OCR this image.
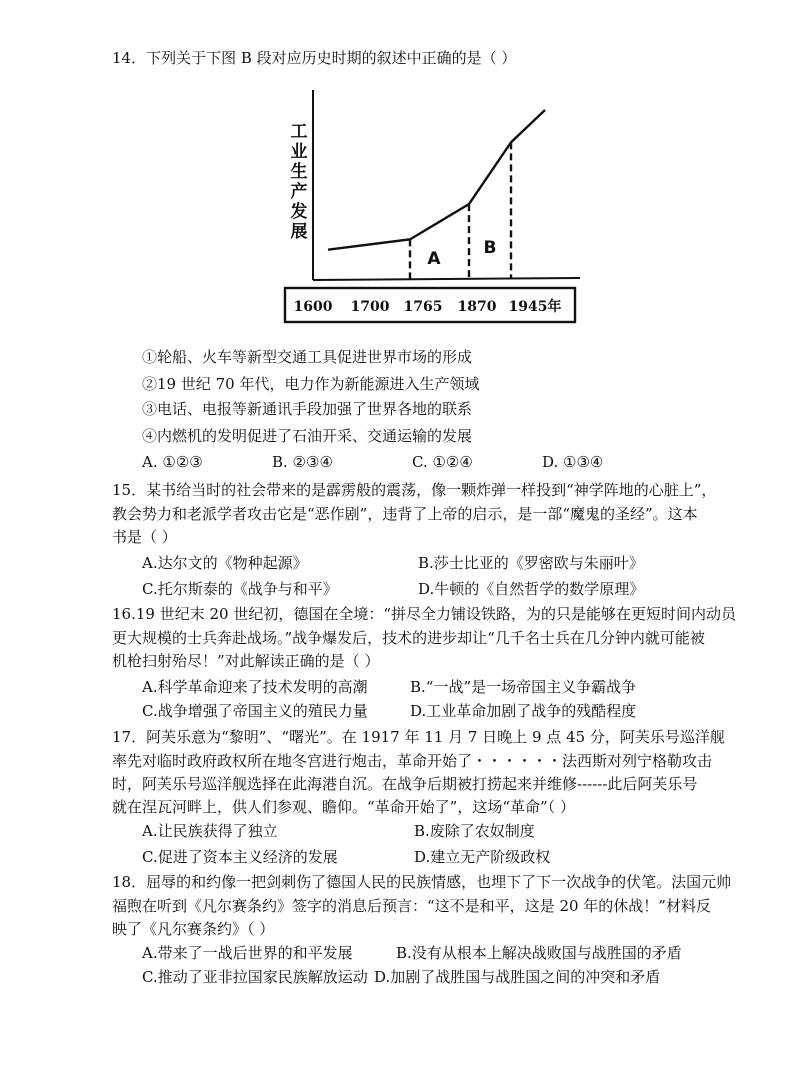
14．下列关于下图 B 段对应历史时期的叙述中正确的是（ ）
A
B
1600 1700 1765 1870 1945年
工
业
生
产
发
展
①轮船、火车等新型交通工具促进世界市场的形成
②19 世纪 70 年代，电力作为新能源进入生产领域
③电话、电报等新通讯手段加强了世界各地的联系
④内燃机的发明促进了石油开采、交通运输的发展
A. ①②③	B. ②③④	C. ①②④	D. ①③④
15．某书给当时的社会带来的是霹雳般的震荡，像一颗炸弹一样投到“神学阵地的心脏上”，
教会势力和老派学者攻击它是“恶作剧”，违背了上帝的启示，是一部“魔鬼的圣经”。这本
书是（ ）
A.达尔文的《物种起源》	B.莎士比亚的《罗密欧与朱丽叶》
C.托尔斯泰的《战争与和平》	D.牛顿的《自然哲学的数学原理》
16.19 世纪末 20 世纪初，德国在全境：“拼尽全力铺设铁路，为的只是能够在更短时间内动员
更大规模的士兵奔赴战场。”战争爆发后，技术的进步却让“几千名士兵在几分钟内就可能被
机枪扫射殆尽！”对此解读正确的是（ ）
A.科学革命迎来了技术发明的高潮	B.“一战”是一场帝国主义争霸战争
C.战争增强了帝国主义的殖民力量	D.工业革命加剧了战争的残酷程度
17．阿芙乐意为“黎明”、“曙光”。在 1917 年 11 月 7 日晚上 9 点 45 分，阿芙乐号巡洋舰
率先对临时政府政权所在地冬宫进行炮击，革命开始了・・・・・・法西斯对列宁格勒攻击
时，阿芙乐号巡洋舰选择在此海港自沉。在战争后期被打捞起来并维修------此后阿芙乐号
就在涅瓦河畔上，供人们参观、瞻仰。“革命开始了”，这场“革命”（ ）
A.让民族获得了独立	B.废除了农奴制度
C.促进了资本主义经济的发展	D.建立无产阶级政权
18．屈辱的和约像一把剑刺伤了德国人民的民族情感，也埋下了下一次战争的伏笔。法国元帅
福煦在听到《凡尔赛条约》签字的消息后预言：“这不是和平，这是 20 年的休战！”材料反
映了《凡尔赛条约》（ ）
A.带来了一战后世界的和平发展	B.没有从根本上解决战败国与战胜国的矛盾
C.推动了亚非拉国家民族解放运动 D.加剧了战胜国与战胜国之间的冲突和矛盾
